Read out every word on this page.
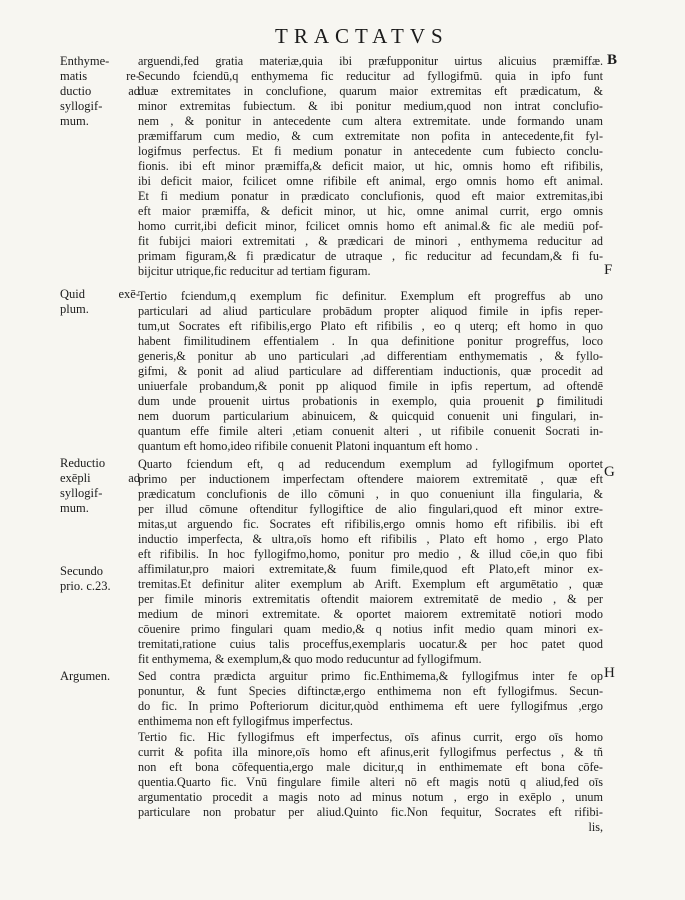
TRACTATVS
B
F
G
H
Enthyme-
matis re-
ductio ad
syllogif-
mum.
Quid exē-
plum.
Reductio
exēpli ad
syllogif-
mum.
Secundo
prio. c.23.
Argumen.
arguendi,fed gratia materiæ,quia ibi præfupponitur uirtus alicuius præmiffæ.
Secundo fciendū,q enthymema fic reducitur ad fyllogifmū. quia in ipfo funt
duæ extremitates in conclufione, quarum maior extremitas eft prædicatum, &
minor extremitas fubiectum. & ibi ponitur medium,quod non intrat conclufio-
nem , & ponitur in antecedente cum altera extremitate. unde formando unam
præmiffarum cum medio, & cum extremitate non pofita in antecedente,fit fyl-
logifmus perfectus. Et fi medium ponatur in antecedente cum fubiecto conclu-
fionis. ibi eft minor præmiffa,& deficit maior, ut hic, omnis homo eft rifibilis,
ibi deficit maior, fcilicet omne rifibile eft animal, ergo omnis homo eft animal.
Et fi medium ponatur in prædicato conclufionis, quod eft maior extremitas,ibi
eft maior præmiffa, & deficit minor, ut hic, omne animal currit, ergo omnis
homo currit,ibi deficit minor, fcilicet omnis homo eft animal.& fic ale mediū pof-
fit fubijci maiori extremitati , & prædicari de minori , enthymema reducitur ad
primam figuram,& fi prædicatur de utraque , fic reducitur ad fecundam,& fi fu-
bijcitur utrique,fic reducitur ad tertiam figuram.
Tertio fciendum,q exemplum fic definitur. Exemplum eft progreffus ab uno
particulari ad aliud particulare probādum propter aliquod fimile in ipfis reper-
tum,ut Socrates eft rifibilis,ergo Plato eft rifibilis , eo q uterq; eft homo in quo
habent fimilitudinem effentialem . In qua definitione ponitur progreffus, loco
generis,& ponitur ab uno particulari ,ad differentiam enthymematis , & fyllo-
gifmi, & ponit ad aliud particulare ad differentiam inductionis, quæ procedit ad
uniuerfale probandum,& ponit pp aliquod fimile in ipfis repertum, ad oftendē
dum unde prouenit uirtus probationis in exemplo, quia prouenit ꝑ fimilitudi
nem duorum particularium abinuicem, & quicquid conuenit uni fingulari, in-
quantum effe fimile alteri ,etiam conuenit alteri , ut rifibile conuenit Socrati in-
quantum eft homo,ideo rifibile conuenit Platoni inquantum eft homo .
Quarto fciendum eft, q ad reducendum exemplum ad fyllogifmum oportet
primo per inductionem imperfectam oftendere maiorem extremitatē , quæ eft
prædicatum conclufionis de illo cōmuni , in quo conueniunt illa fingularia, &
per illud cōmune oftenditur fyllogiftice de alio fingulari,quod eft minor extre-
mitas,ut arguendo fic. Socrates eft rifibilis,ergo omnis homo eft rifibilis. ibi eft
inductio imperfecta, & ultra,oīs homo eft rifibilis , Plato eft homo , ergo Plato
eft rifibilis. In hoc fyllogifmo,homo, ponitur pro medio , & illud cōe,in quo fibi
affimilatur,pro maiori extremitate,& fuum fimile,quod eft Plato,eft minor ex-
tremitas.Et definitur aliter exemplum ab Arift. Exemplum eft argumētatio , quæ
per fimile minoris extremitatis oftendit maiorem extremitatē de medio , & per
medium de minori extremitate. & oportet maiorem extremitatē notiori modo
cōuenire primo fingulari quam medio,& q notius infit medio quam minori ex-
tremitati,ratione cuius talis proceffus,exemplaris uocatur.& per hoc patet quod
fit enthymema, & exemplum,& quo modo reducuntur ad fyllogifmum.
Sed contra prædicta arguitur primo fic.Enthimema,& fyllogifmus inter fe op
ponuntur, & funt Species diftinctæ,ergo enthimema non eft fyllogifmus. Secun-
do fic. In primo Pofteriorum dicitur,quòd enthimema eft uere fyllogifmus ,ergo
enthimema non eft fyllogifmus imperfectus.
Tertio fic. Hic fyllogifmus eft imperfectus, oīs afinus currit, ergo oīs homo
currit & pofita illa minore,oīs homo eft afinus,erit fyllogifmus perfectus , & tñ
non eft bona cōfequentia,ergo male dicitur,q in enthimemate eft bona cōfe-
quentia.Quarto fic. Vnū fingulare fimile alteri nō eft magis notū q aliud,fed oīs
argumentatio procedit a magis noto ad minus notum , ergo in exēplo , unum
particulare non probatur per aliud.Quinto fic.Non fequitur, Socrates eft rifibi-
lis,
